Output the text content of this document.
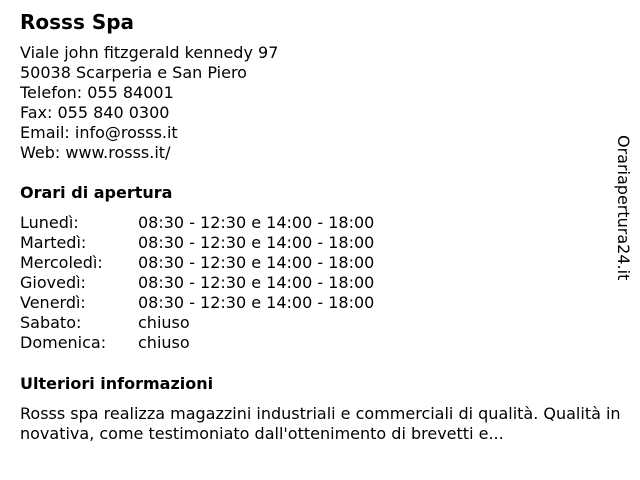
Rosss Spa
Viale john fitzgerald kennedy 97
50038 Scarperia e San Piero
Telefon: 055 84001
Fax: 055 840 0300
Email: info@rosss.it
Web: www.rosss.it/
Orari di apertura
Lunedì:	08:30 - 12:30 e 14:00 - 18:00
Martedì:	08:30 - 12:30 e 14:00 - 18:00
Mercoledì: 08:30 - 12:30 e 14:00 - 18:00
Giovedì:	08:30 - 12:30 e 14:00 - 18:00
Venerdì:	08:30 - 12:30 e 14:00 - 18:00
Sabato:	chiuso
Domenica: chiuso
Ulteriori informazioni
Rosss spa realizza magazzini industriali e commerciali di qualità. Qualità innovativa, come testimoniato dall'ottenimento di brevetti e...
Orariapertura24.it
